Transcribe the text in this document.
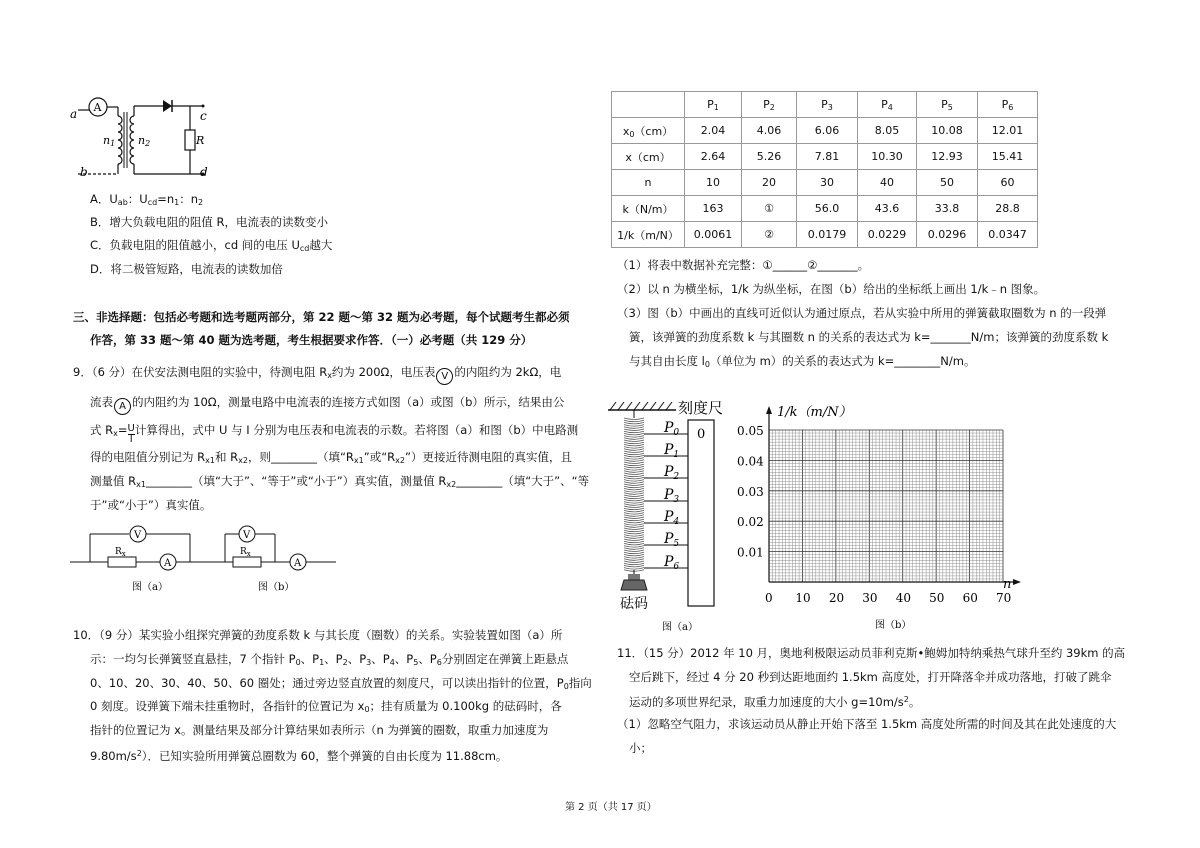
A
a
b
c
d
R
n1 n2
A．$U_{ab}$：$U_{cd}=n_1$：$n_2$
B．增大负载电阻的阻值 R，电流表的读数变小
C．负载电阻的阻值越小，cd 间的电压 $U_{cd}$越大
D．将二极管短路，电流表的读数加倍
三、非选择题：包括必考题和选考题两部分，第 22 题～第 32 题为必考题，每个试题考生都必须
作答，第 33 题～第 40 题为选考题，考生根据要求作答．（一）必考题（共 129 分）
9．（6 分）在伏安法测电阻的实验中，待测电阻 $R_x$约为 200Ω，电压表 V 的内阻约为 2kΩ，电
流表 A 的内阻约为 10Ω，测量电路中电流表的连接方式如图（a）或图（b）所示，结果由公
式 $R_x= \frac{U}{I}$ 计算得出，式中 U 与 I 分别为电压表和电流表的示数。若将图（a）和图（b）中电路测
得的电阻值分别记为 $R_{x1}$和 $R_{x2}$，则________（填“$R_{x1}$”或“$R_{x2}$”）更接近待测电阻的真实值，且
测量值 $R_{x1}\_\_\_\_\_\_\_\_$（填“大于”、“等于”或“小于”）真实值，测量值 $R_{x2}\_\_\_\_\_\_\_\_$（填“大于”、“等
于”或“小于”）真实值。
V
$R_x$
A
V
$R_x$
A
图（a）	图（b）
10．（9 分）某实验小组探究弹簧的劲度系数 k 与其长度（圈数）的关系。实验装置如图（a）所
示：一均匀长弹簧竖直悬挂，7 个指针 $P_0$、$P_1$、$P_2$、$P_3$、$P_4$、$P_5$、$P_6$分别固定在弹簧上距悬点
0、10、20、30、40、50、60 圈处；通过旁边竖直放置的刻度尺，可以读出指针的位置，$P_0$指向
0 刻度。设弹簧下端未挂重物时，各指针的位置记为 $x_0$；挂有质量为 0.100kg 的砝码时，各
指针的位置记为 x。测量结果及部分计算结果如表所示（n 为弹簧的圈数，取重力加速度为
$9.80m/s^2$）．已知实验所用弹簧总圈数为 60，整个弹簧的自由长度为 11.88cm。
	$P_1$	$P_2$	$P_3$	$P_4$	$P_5$	$P_6$
$x_0(cm)$	2.04	4.06	6.06	8.05	10.08	12.01
x（cm）	2.64	5.26	7.81	10.30	12.93	15.41
n	10	20	30	40	50	60
k（N/m）	163	①	56.0	43.6	33.8	28.8
1/k（m/N）	0.0061	②	0.0179	0.0229	0.0296	0.0347
（1）将表中数据补充完整：①______②_______。
（2）以 n 为横坐标，1/k 为纵坐标，在图（b）给出的坐标纸上画出 1/k﹣n 图象。
（3）图（b）中画出的直线可近似认为通过原点，若从实验中所用的弹簧截取圈数为 n 的一段弹
簧，该弹簧的劲度系数 k 与其圈数 n 的关系的表达式为 k=_______N/m；该弹簧的劲度系数 k
与其自由长度 $l_0$（单位为 m）的关系的表达式为 k=________N/m。
刻度尺
0
$P_0$
$P_1$
$P_2$
$P_3$
$P_4$
$P_5$
$P_6$
砝码
图（a）
0.05
0.04
0.03
0.02
0.01
0 10 20 30 40 50 60 70
1/k（m/N）
n
图（b）
11．（15 分）2012 年 10 月，奥地利极限运动员菲利克斯•鲍姆加特纳乘热气球升至约 39km 的高
空后跳下，经过 4 分 20 秒到达距地面约 1.5km 高度处，打开降落伞并成功落地，打破了跳伞
运动的多项世界纪录，取重力加速度的大小 $g=10m/s^2$。
（1）忽略空气阻力，求该运动员从静止开始下落至 1.5km 高度处所需的时间及其在此处速度的大
小；
第 2 页（共 17 页）
